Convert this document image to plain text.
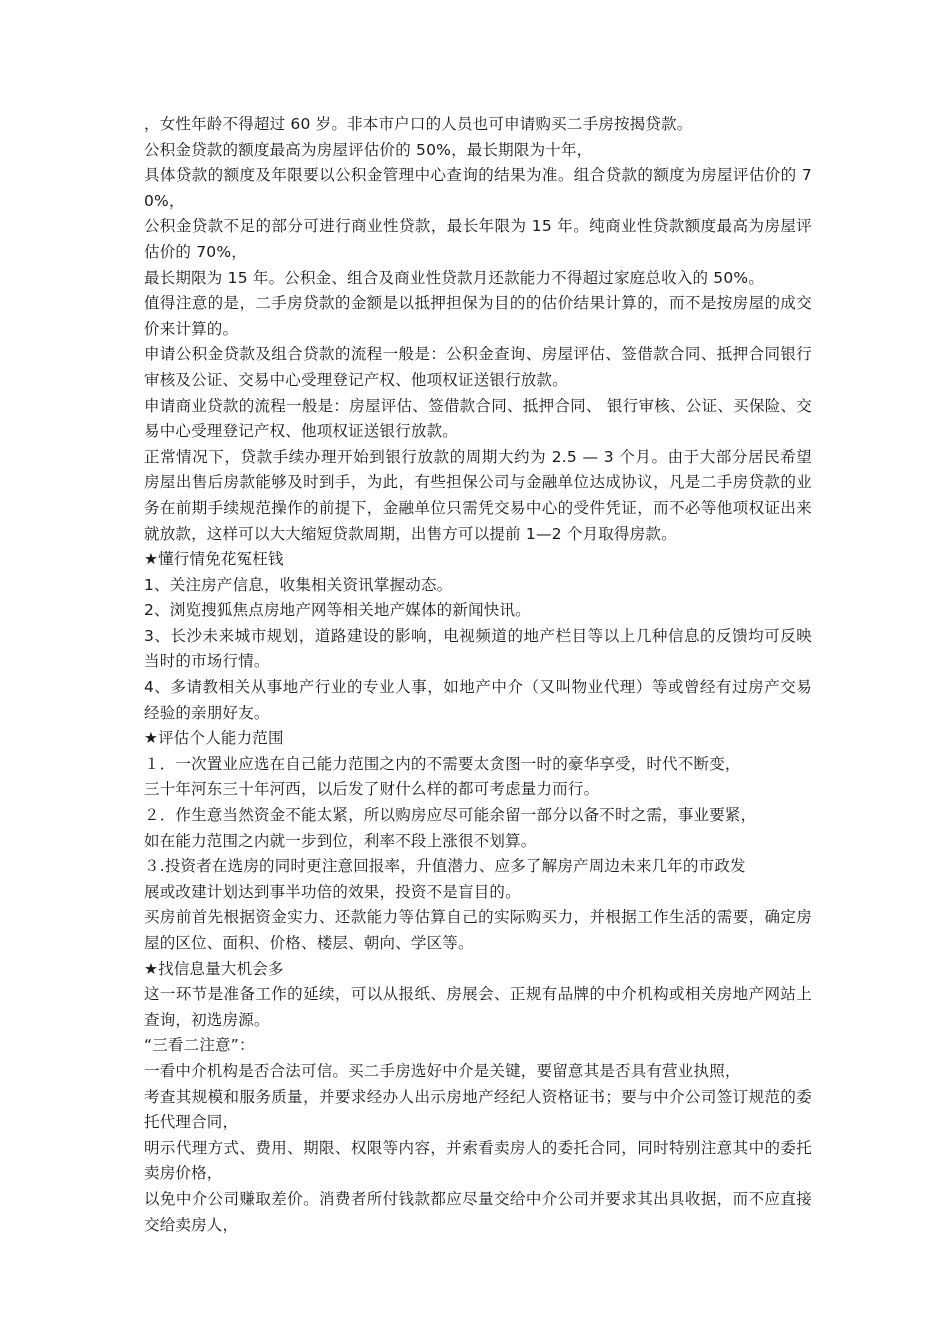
，女性年龄不得超过 60 岁。非本市户口的人员也可申请购买二手房按揭贷款。

公积金贷款的额度最高为房屋评估价的 50%，最长期限为十年，

具体贷款的额度及年限要以公积金管理中心查询的结果为准。组合贷款的额度为房屋评估价的 70%，

公积金贷款不足的部分可进行商业性贷款，最长年限为 15 年。纯商业性贷款额度最高为房屋评估价的 70%，

最长期限为 15 年。公积金、组合及商业性贷款月还款能力不得超过家庭总收入的 50%。

值得注意的是，二手房贷款的金额是以抵押担保为目的的估价结果计算的，而不是按房屋的成交价来计算的。

申请公积金贷款及组合贷款的流程一般是：公积金查询、房屋评估、签借款合同、抵押合同银行审核及公证、交易中心受理登记产权、他项权证送银行放款。

申请商业贷款的流程一般是：房屋评估、签借款合同、抵押合同、 银行审核、公证、买保险、交易中心受理登记产权、他项权证送银行放款。

正常情况下，贷款手续办理开始到银行放款的周期大约为 2.5 — 3 个月。由于大部分居民希望房屋出售后房款能够及时到手，为此，有些担保公司与金融单位达成协议，凡是二手房贷款的业务在前期手续规范操作的前提下，金融单位只需凭交易中心的受件凭证，而不必等他项权证出来就放款，这样可以大大缩短贷款周期，出售方可以提前 1—2 个月取得房款。

★懂行情免花冤枉钱

1、关注房产信息，收集相关资讯掌握动态。

2、浏览搜狐焦点房地产网等相关地产媒体的新闻快讯。

3、长沙未来城市规划，道路建设的影响，电视频道的地产栏目等以上几种信息的反馈均可反映当时的市场行情。

4、多请教相关从事地产行业的专业人事，如地产中介（又叫物业代理）等或曾经有过房产交易经验的亲朋好友。

★评估个人能力范围

１．一次置业应选在自己能力范围之内的不需要太贪图一时的豪华享受，时代不断变，

三十年河东三十年河西，以后发了财什么样的都可考虑量力而行。

２．作生意当然资金不能太紧，所以购房应尽可能余留一部分以备不时之需，事业要紧，

如在能力范围之内就一步到位，利率不段上涨很不划算。

３.投资者在选房的同时更注意回报率，升值潜力、应多了解房产周边未来几年的市政发

展或改建计划达到事半功倍的效果，投资不是盲目的。

买房前首先根据资金实力、还款能力等估算自己的实际购买力，并根据工作生活的需要，确定房屋的区位、面积、价格、楼层、朝向、学区等。

★找信息量大机会多

这一环节是准备工作的延续，可以从报纸、房展会、正规有品牌的中介机构或相关房地产网站上查询，初选房源。

“三看二注意”：

一看中介机构是否合法可信。买二手房选好中介是关键，要留意其是否具有营业执照，

考查其规模和服务质量，并要求经办人出示房地产经纪人资格证书；要与中介公司签订规范的委托代理合同，

明示代理方式、费用、期限、权限等内容，并索看卖房人的委托合同，同时特别注意其中的委托卖房价格，

以免中介公司赚取差价。消费者所付钱款都应尽量交给中介公司并要求其出具收据，而不应直接交给卖房人，
